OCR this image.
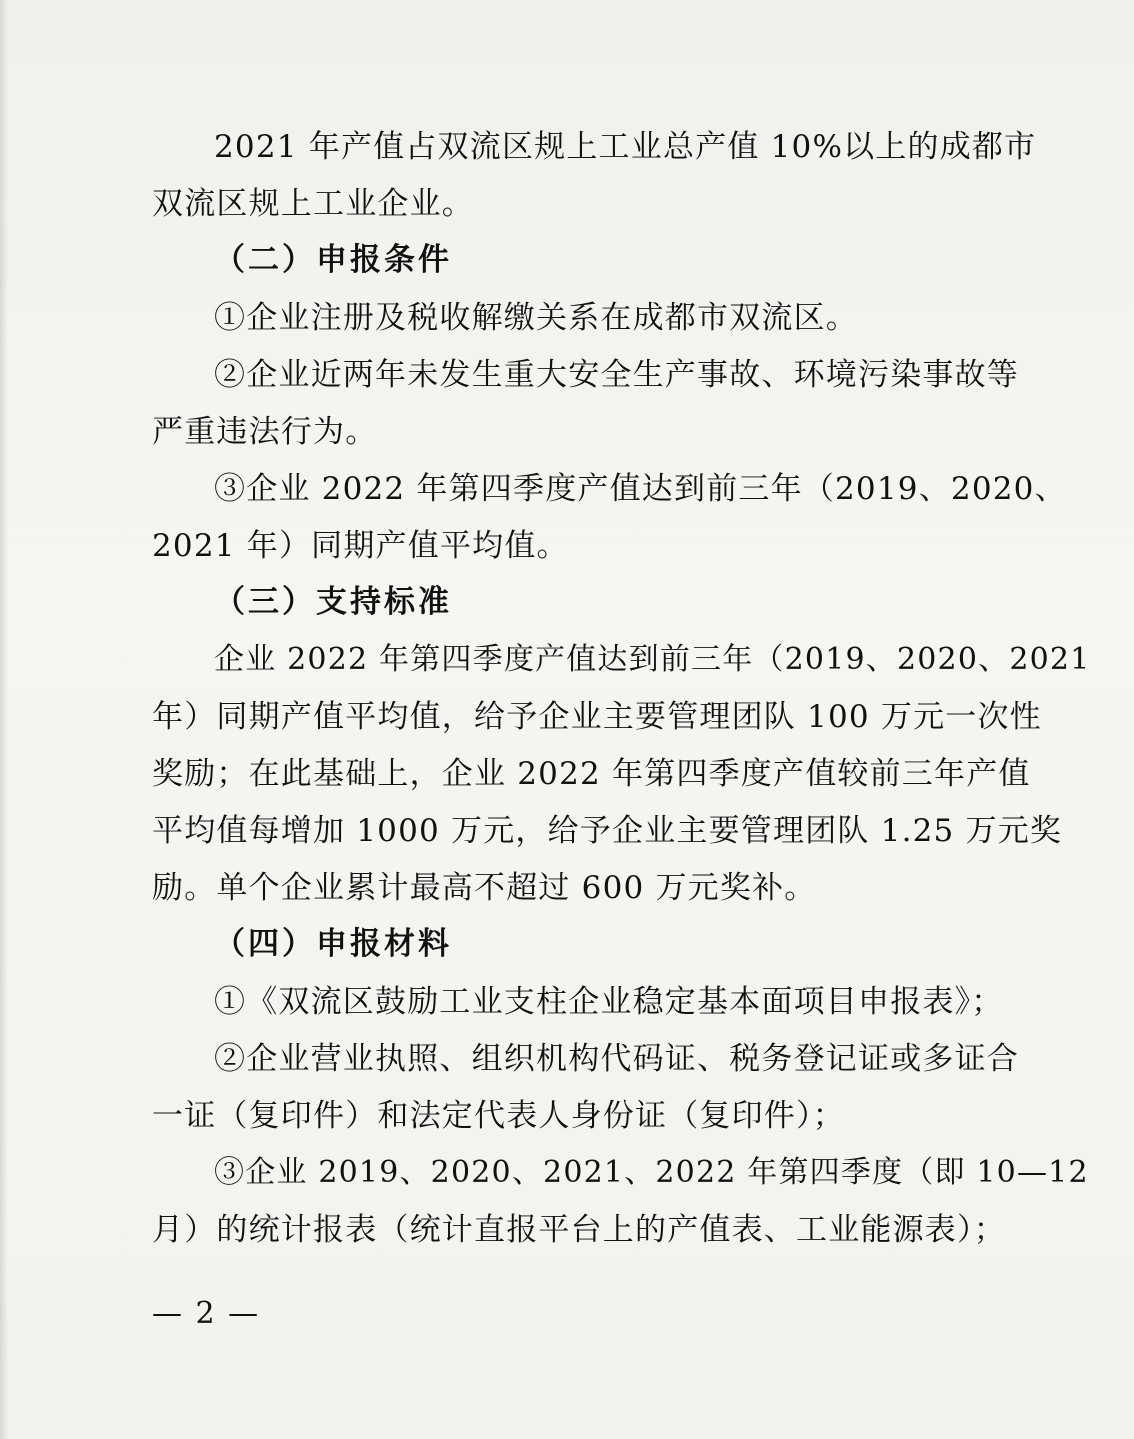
2021 年产值占双流区规上工业总产值 10%以上的成都市
双流区规上工业企业。
（二）申报条件
①企业注册及税收解缴关系在成都市双流区。
②企业近两年未发生重大安全生产事故、环境污染事故等
严重违法行为。
③企业 2022 年第四季度产值达到前三年（2019、2020、
2021 年）同期产值平均值。
（三）支持标准
企业 2022 年第四季度产值达到前三年（2019、2020、2021
年）同期产值平均值，给予企业主要管理团队 100 万元一次性
奖励；在此基础上，企业 2022 年第四季度产值较前三年产值
平均值每增加 1000 万元，给予企业主要管理团队 1.25 万元奖
励。单个企业累计最高不超过 600 万元奖补。
（四）申报材料
①《双流区鼓励工业支柱企业稳定基本面项目申报表》；
②企业营业执照、组织机构代码证、税务登记证或多证合
一证（复印件）和法定代表人身份证（复印件）；
③企业 2019、2020、2021、2022 年第四季度（即 10—12
月）的统计报表（统计直报平台上的产值表、工业能源表）；
— 2 —
